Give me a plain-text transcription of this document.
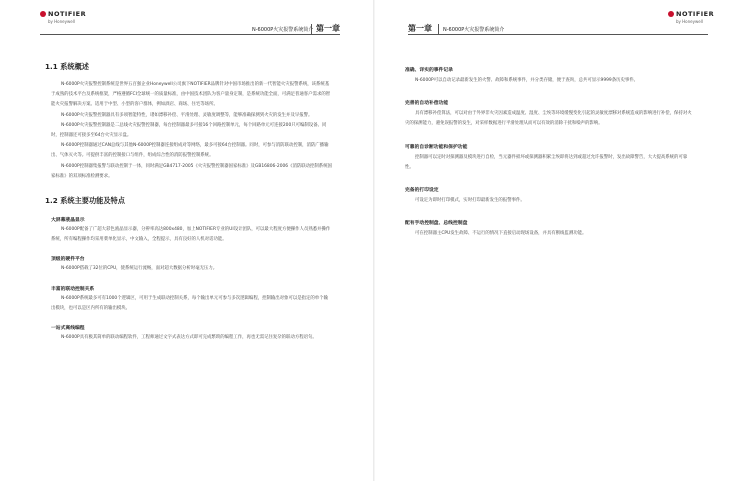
NOTIFIER
by Honeywell
N-6000P火灾报警系统简介 第一章
1.1 系统概述

N-6000P火灾报警控制系统是世界五百强企业Honeywell公司旗下NOTIFIER品牌针对中国市场推出的新一代智能火灾报警系统，该系统基于成熟的技术平台及系统框架，严格遵循FCI全球统一的质量标准，由中国技术团队为客户量身定制，是系统功能全面，可满足普通客户需求的智能火灾报警解决方案。适用于中型、小型的客户群体，例如酒店、商场、住宅等场所。

N-6000P火灾报警控制器具有多项智能特性，诸如漂移补偿、平滑处理、灵敏度调整等，能够准确探测到火灾的发生并及早报警。

N-6000P火灾报警控制器是二总线火灾报警控制器，每台控制器最多可接16个回路控制单元，每个回路单元可连接200只可编制设备。同时，控制器还可接多至64台火灾显示盘。

N-6000P控制器通过CAN总线与其他N-6000P控制器连接组成对等网络，最多可接64台控制器。同时，可参与消防联动控制，消防广播输出、气体灭火等。可提供丰富的控制接口与组件，组成综合性的消防报警控制系统。

N-6000P控制器集报警与联动控制于一体，同时满足GB4717-2005《火灾报警控制器国家标准》及GB16806-2006《消防联动控制系统国家标准》的双项标准检测要求。

1.2 系统主要功能及特点
大屏幕液晶显示

N-6000P配备了广超大彩色液晶显示器，分辨率高达800x480，加上NOTIFIER专业的UI设计团队，可以最大程度方便操作人员熟悉并操作系统，所有编程操作均采用菜单化显示，中文输入，全程提示，具有良好的人机对话功能。

顶级的硬件平台

N-6000P搭载了32位的CPU，使系统运行流畅，面对超大数据分析时毫无压力。

丰富的联动控制关系

N-6000P系统最多可有1000个逻辑区，可用于生成联动控制关系，每个输出单元可参与多次逻辑编程，控制输出对象可以是指定的单个输出模块，也可以是区内所有的输出模块。

一站式离线编程

N-6000P具有极其简单的联动编程软件，工程师通过文字式表达方式即可完成繁琐的编程工作，再也无需记住复杂的联动方程语句。

第一章 N-6000P火灾报警系统简介
NOTIFIER
by Honeywell
准确、详实的事件记录

N-6000P可以自动记录最新发生的火警、故障和系统事件，并分类存储，便于查询，总共可显示9999条历史事件。

完善的自动补偿功能

具有漂移补偿算法，可以对由于外界非火灾因素造成温度、湿度、尘埃等环境缓慢变化引起的灵敏度漂移对系统造成的影响进行补偿，保持对火灾的探测能力，避免误报警的发生，对采样数据进行平滑处理从而可以有效的消除干扰和噪声的影响。

可靠的自诊断功能和保护功能

控制器可以定时对探测器及模块进行自检，当元器件损坏或探测器积累尘埃即将达到或超过允许报警时，发出故障警告，大大提高系统的可靠性。

完备的打印设定

可设定为即时打印模式，实时打印最新发生的报警事件。

配有手动控制盘、总线控制盘

可在控制器主CPU发生故障、不运行的情况下直接启动现场设备，并具有断线监测功能。
